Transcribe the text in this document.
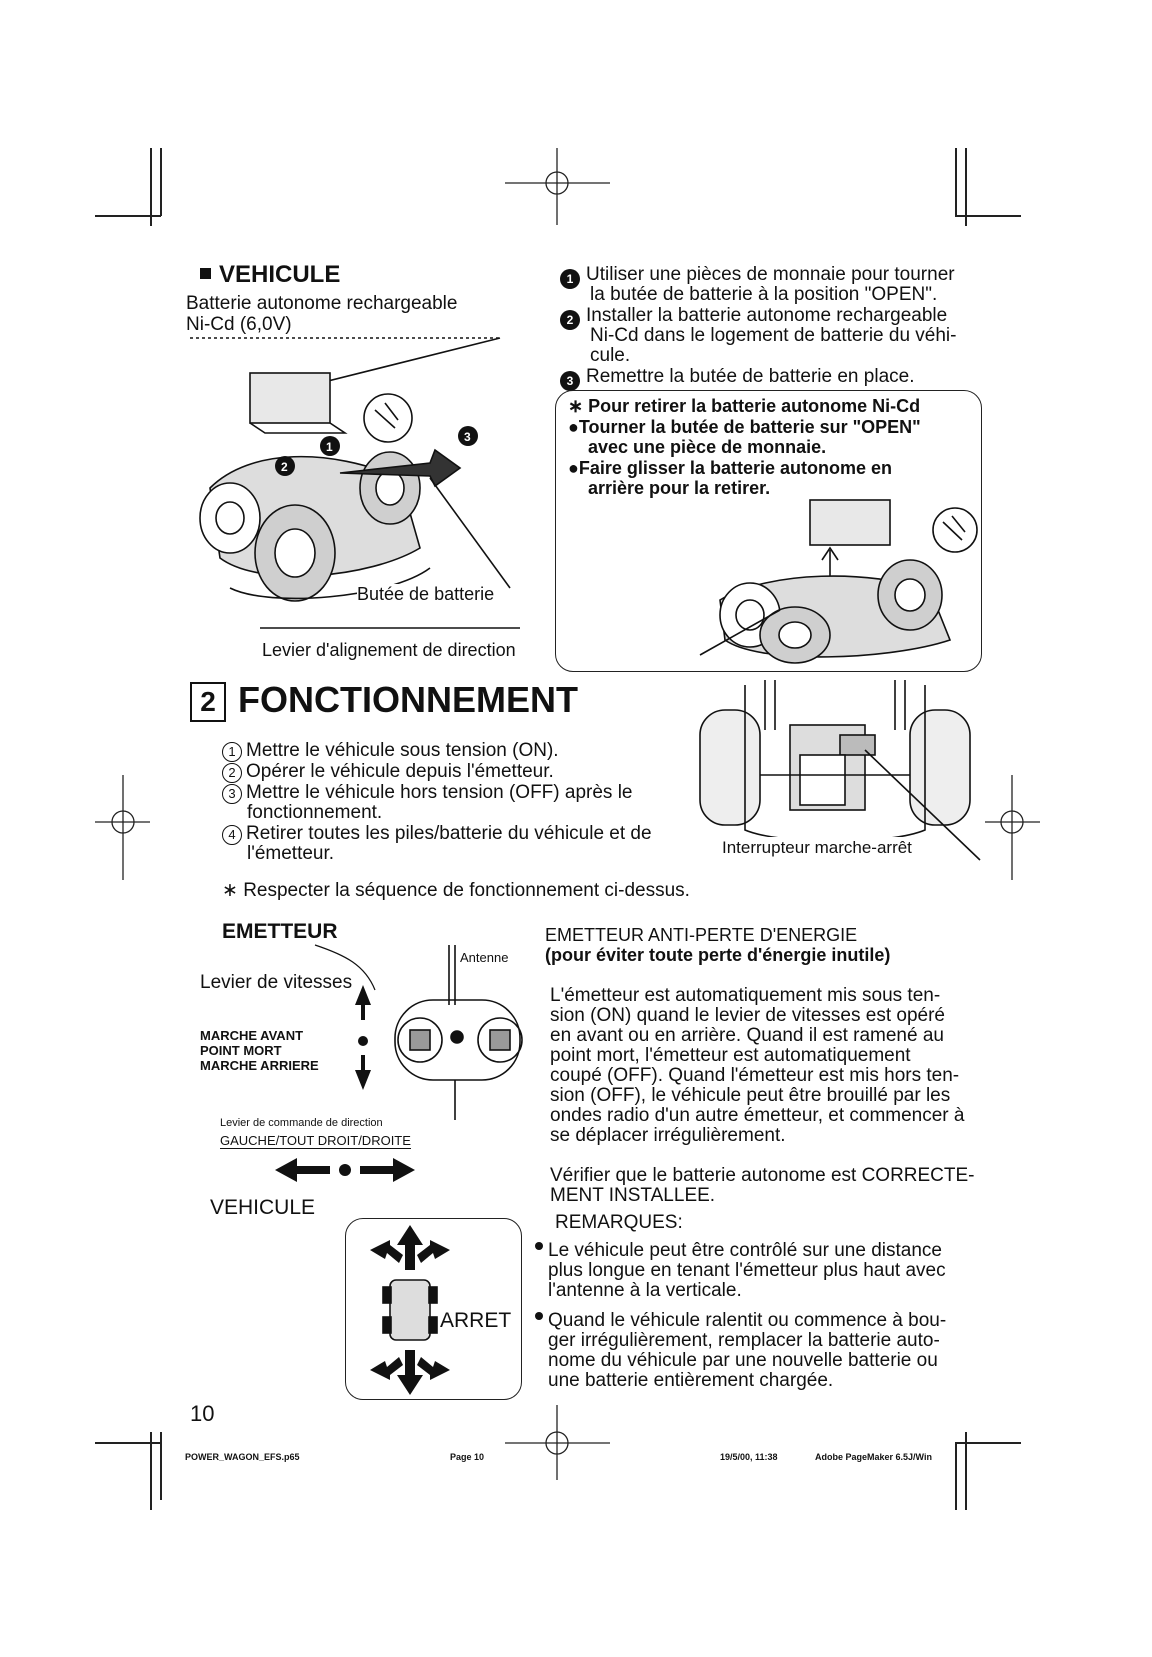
VEHICULE
Batterie autonome rechargeable
Ni-Cd (6,0V)
1
2
3
Butée de batterie
Levier d'alignement de direction
1 Utiliser une pièces de monnaie pour tourner
la butée de batterie à la position "OPEN".
2 Installer la batterie autonome rechargeable
Ni-Cd dans le logement de batterie du véhi-
cule.
3 Remettre la butée de batterie en place.
∗ Pour retirer la batterie autonome Ni-Cd
●Tourner la butée de batterie sur "OPEN"
avec une pièce de monnaie.
●Faire glisser la batterie autonome en
arrière pour la retirer.
2 FONCTIONNEMENT
1 Mettre le véhicule sous tension (ON).
2 Opérer le véhicule depuis l'émetteur.
3 Mettre le véhicule hors tension (OFF) après le
fonctionnement.
4 Retirer toutes les piles/batterie du véhicule et de
l'émetteur.	Interrupteur marche-arrêt
∗ Respecter la séquence de fonctionnement ci-dessus.
EMETTEUR
Antenne
Levier de vitesses
MARCHE AVANT
POINT MORT
MARCHE ARRIERE
Levier de commande de direction
GAUCHE/TOUT DROIT/DROITE
VEHICULE
ARRET
EMETTEUR ANTI-PERTE D'ENERGIE
(pour éviter toute perte d'énergie inutile)
L'émetteur est automatiquement mis sous ten-
sion (ON) quand le levier de vitesses est opéré
en avant ou en arrière. Quand il est ramené au
point mort, l'émetteur est automatiquement
coupé (OFF). Quand l'émetteur est mis hors ten-
sion (OFF), le véhicule peut être brouillé par les
ondes radio d'un autre émetteur, et commencer à
se déplacer irrégulièrement.
Vérifier que le batterie autonome est CORRECTE-
MENT INSTALLEE.
REMARQUES:
Le véhicule peut être contrôlé sur une distance
plus longue en tenant l'émetteur plus haut avec
l'antenne à la verticale.
Quand le véhicule ralentit ou commence à bou-
ger irrégulièrement, remplacer la batterie auto-
nome du véhicule par une nouvelle batterie ou
une batterie entièrement chargée.
10
POWER_WAGON_EFS.p65	Page 10	19/5/00, 11:38	Adobe PageMaker 6.5J/Win
